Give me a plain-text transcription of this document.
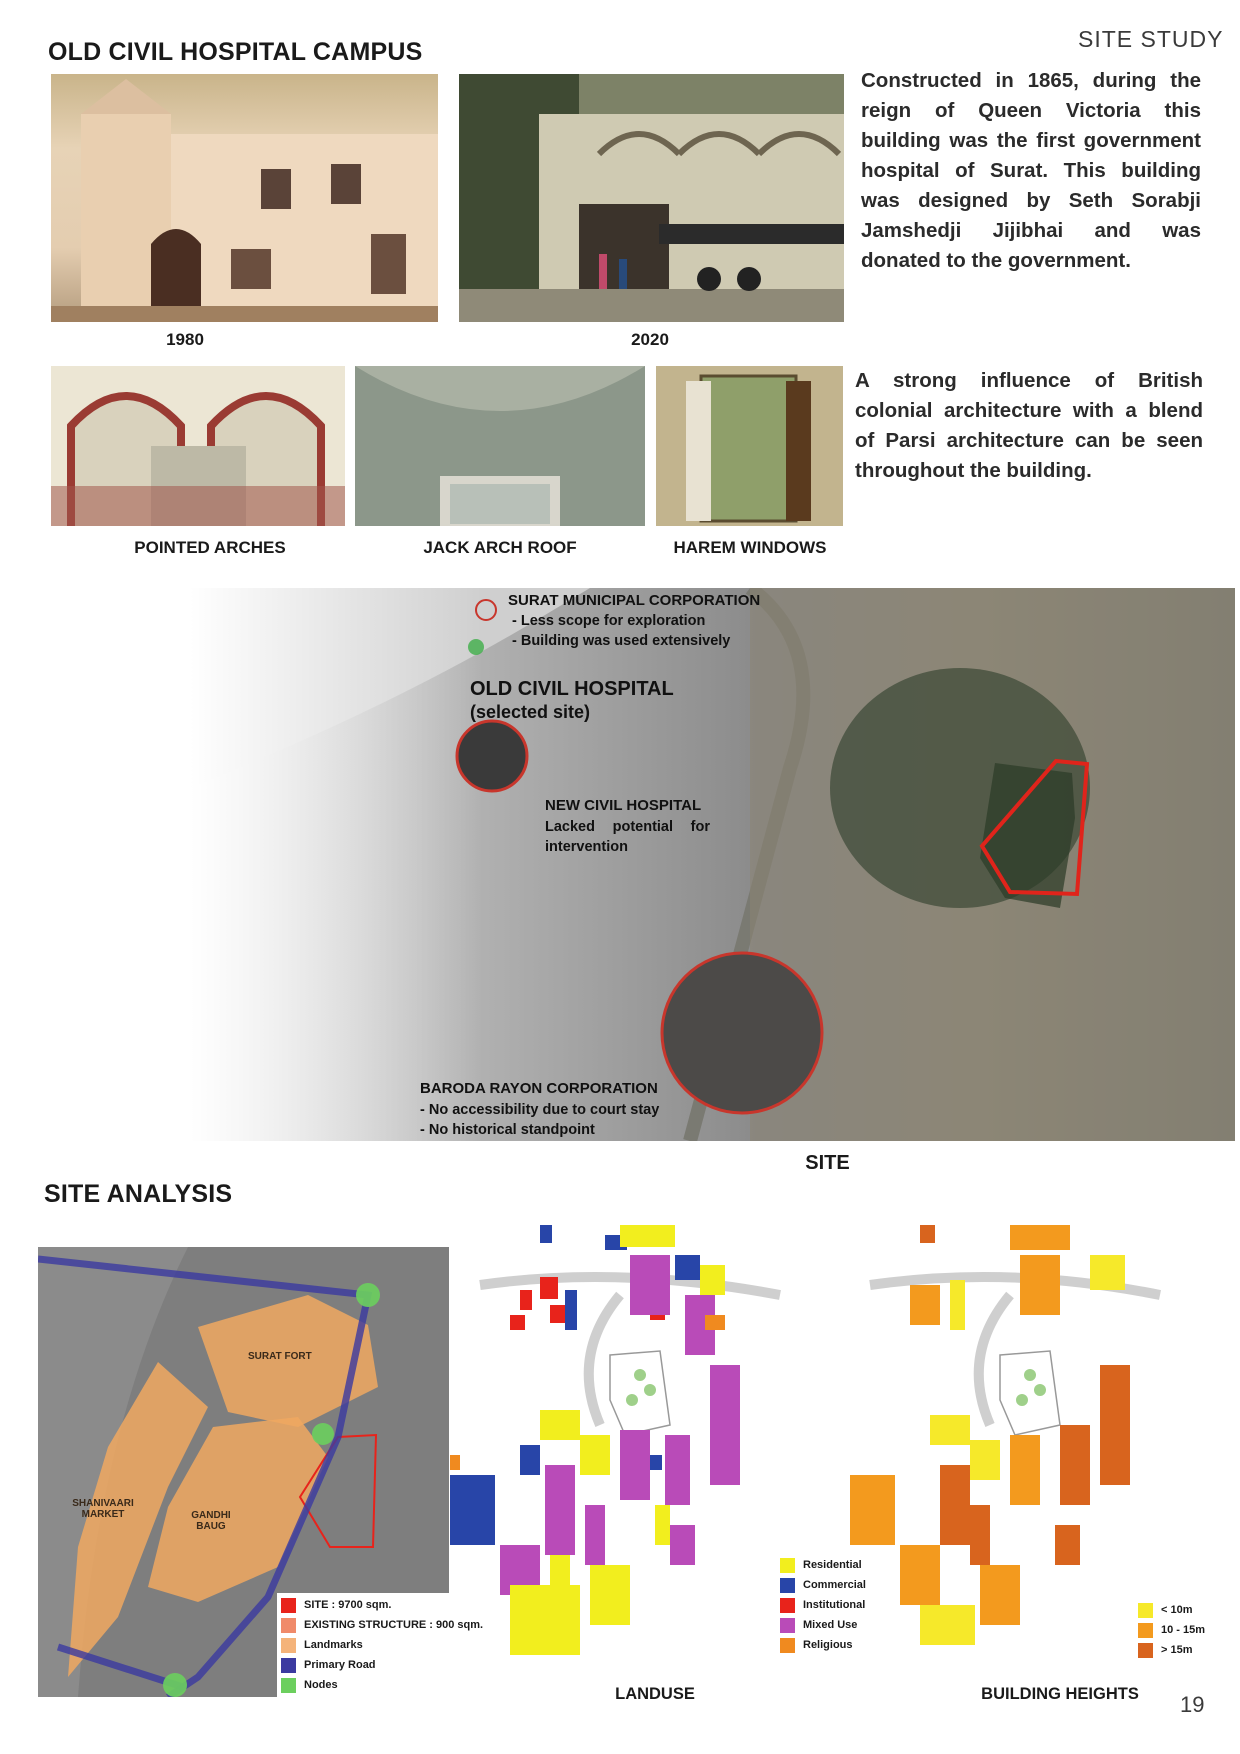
SITE STUDY
OLD CIVIL HOSPITAL CAMPUS
1980	2020
Constructed in 1865, during the reign of Queen Victoria this building was the first government hospital of Surat. This building was designed by Seth Sorabji Jamshedji Jijibhai and was donated to the government.
POINTED ARCHES	JACK ARCH ROOF	HAREM WINDOWS
A strong influence of British colonial architecture with a blend of Parsi architecture can be seen throughout the building.
SURAT MUNICIPAL CORPORATION
- Less scope for exploration
- Building was used extensively
OLD CIVIL HOSPITAL
(selected site)
NEW CIVIL HOSPITAL
Lacked potential for intervention
BARODA RAYON CORPORATION
- No accessibility due to court stay
- No historical standpoint
SITE
SITE ANALYSIS
SURAT FORT
SHANIVAARI MARKET	GANDHI BAUG
SITE : 9700 sqm.
EXISTING STRUCTURE : 900 sqm.
Landmarks
Primary Road
Nodes
Residential
Commercial
Institutional
Mixed Use
Religious
LANDUSE
< 10m
10 - 15m
> 15m
BUILDING HEIGHTS	19
